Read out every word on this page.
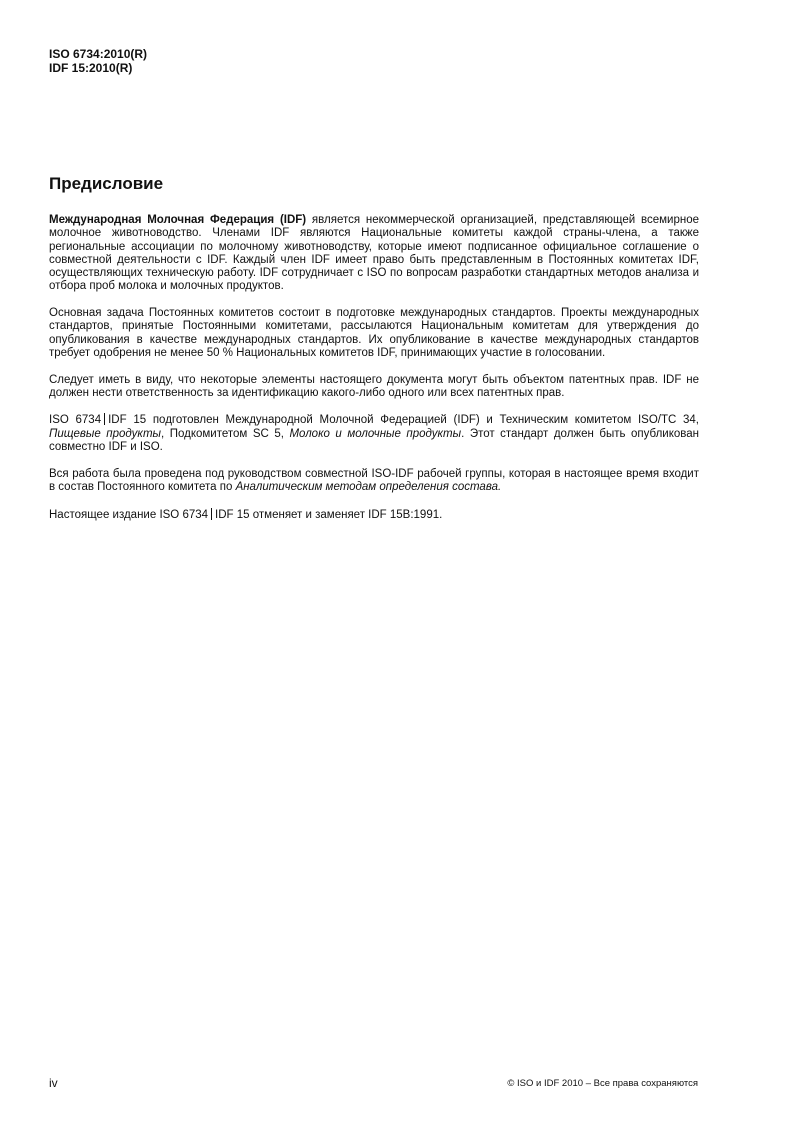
ISO 6734:2010(R)
IDF 15:2010(R)
Предисловие

Международная Молочная Федерация (IDF) является некоммерческой организацией, представляющей всемирное молочное животноводство. Членами IDF являются Национальные комитеты каждой страны-члена, а также региональные ассоциации по молочному животноводству, которые имеют подписанное официальное соглашение о совместной деятельности с IDF. Каждый член IDF имеет право быть представленным в Постоянных комитетах IDF, осуществляющих техническую работу. IDF сотрудничает с ISO по вопросам разработки стандартных методов анализа и отбора проб молока и молочных продуктов.

Основная задача Постоянных комитетов состоит в подготовке международных стандартов. Проекты международных стандартов, принятые Постоянными комитетами, рассылаются Национальным комитетам для утверждения до опубликования в качестве международных стандартов. Их опубликование в качестве международных стандартов требует одобрения не менее 50 % Национальных комитетов IDF, принимающих участие в голосовании.

Следует иметь в виду, что некоторые элементы настоящего документа могут быть объектом патентных прав. IDF не должен нести ответственность за идентификацию какого-либо одного или всех патентных прав.

ISO 6734 IDF 15 подготовлен Международной Молочной Федерацией (IDF) и Техническим комитетом ISO/TC 34, Пищевые продукты, Подкомитетом SC 5, Молоко и молочные продукты. Этот стандарт должен быть опубликован совместно IDF и ISO.

Вся работа была проведена под руководством совместной ISO-IDF рабочей группы, которая в настоящее время входит в состав Постоянного комитета по Аналитическим методам определения состава.

Настоящее издание ISO 6734 IDF 15 отменяет и заменяет IDF 15B:1991.

iv	© ISO и IDF 2010 – Все права сохраняются
